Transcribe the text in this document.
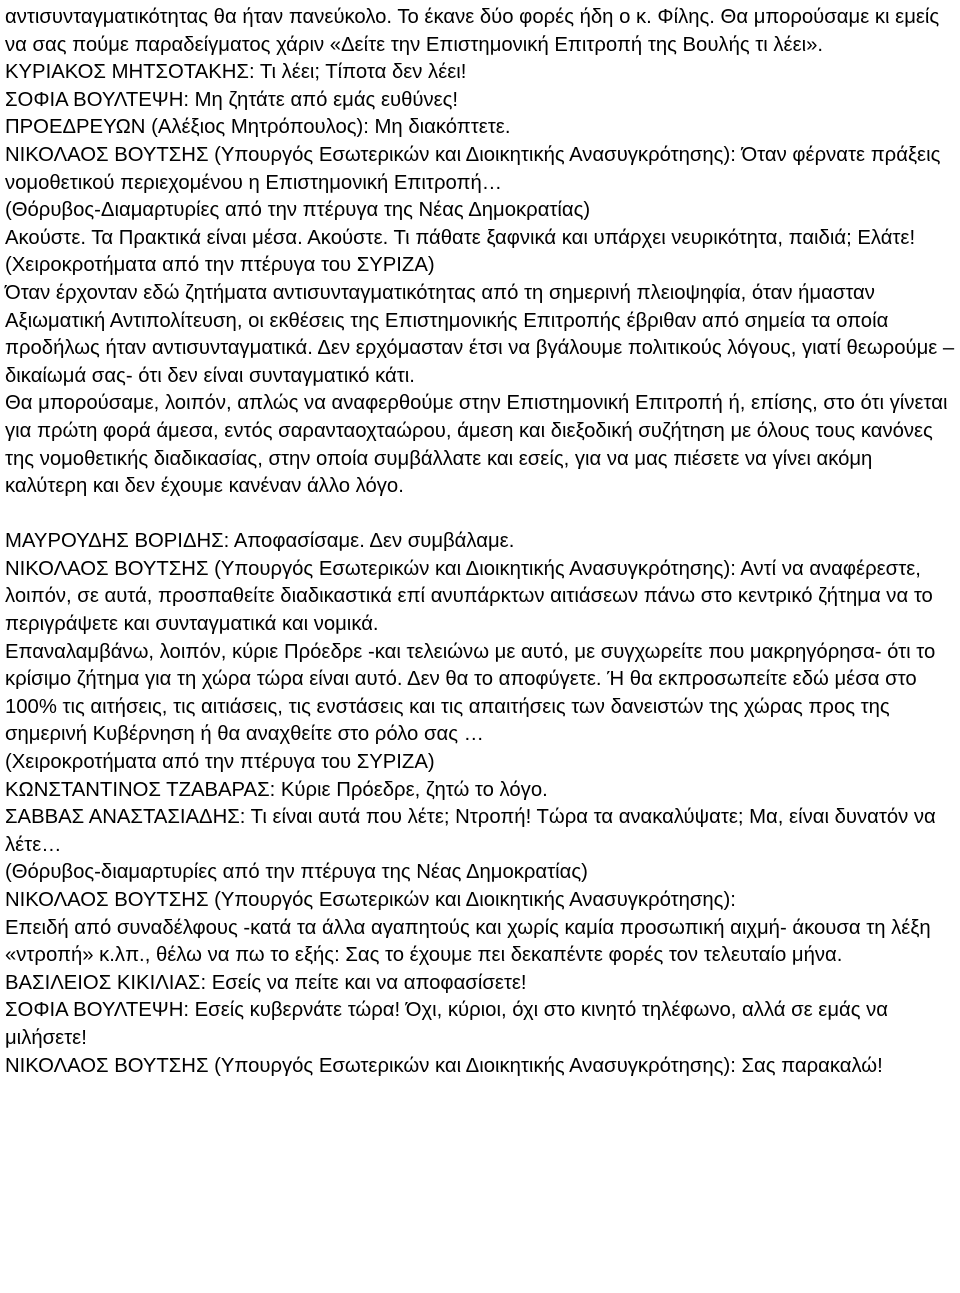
αντισυνταγματικότητας θα ήταν πανεύκολο. Το έκανε δύο φορές ήδη ο κ. Φίλης. Θα μπορούσαμε κι εμείς να σας πούμε παραδείγματος χάριν «Δείτε την Επιστημονική Επιτροπή της Βουλής τι λέει».

ΚΥΡΙΑΚΟΣ ΜΗΤΣΟΤΑΚΗΣ: Τι λέει; Τίποτα δεν λέει!

ΣΟΦΙΑ ΒΟΥΛΤΕΨΗ: Μη ζητάτε από εμάς ευθύνες!

ΠΡΟΕΔΡΕΥΩΝ (Αλέξιος Μητρόπουλος): Μη διακόπτετε.

ΝΙΚΟΛΑΟΣ ΒΟΥΤΣΗΣ (Υπουργός Εσωτερικών και Διοικητικής Ανασυγκρότησης): Όταν φέρνατε πράξεις νομοθετικού περιεχομένου η Επιστημονική Επιτροπή…

(Θόρυβος-Διαμαρτυρίες από την πτέρυγα της Νέας Δημοκρατίας)

Ακούστε. Τα Πρακτικά είναι μέσα. Ακούστε. Τι πάθατε ξαφνικά και υπάρχει νευρικότητα, παιδιά; Ελάτε!

(Χειροκροτήματα από την πτέρυγα του ΣΥΡΙΖΑ)

Όταν έρχονταν εδώ ζητήματα αντισυνταγματικότητας από τη σημερινή πλειοψηφία, όταν ήμασταν Αξιωματική Αντιπολίτευση, οι εκθέσεις της Επιστημονικής Επιτροπής έβριθαν από σημεία τα οποία προδήλως ήταν αντισυνταγματικά. Δεν ερχόμασταν έτσι να βγάλουμε πολιτικούς λόγους, γιατί θεωρούμε –δικαίωμά σας- ότι δεν είναι συνταγματικό κάτι.

Θα μπορούσαμε, λοιπόν, απλώς να αναφερθούμε στην Επιστημονική Επιτροπή ή, επίσης, στο ότι γίνεται για πρώτη φορά άμεσα, εντός σαρανταοχταώρου, άμεση και διεξοδική συζήτηση με όλους τους κανόνες της νομοθετικής διαδικασίας, στην οποία συμβάλλατε και εσείς, για να μας πιέσετε να γίνει ακόμη καλύτερη και δεν έχουμε κανέναν άλλο λόγο.

ΜΑΥΡΟΥΔΗΣ ΒΟΡΙΔΗΣ: Αποφασίσαμε. Δεν συμβάλαμε.

ΝΙΚΟΛΑΟΣ ΒΟΥΤΣΗΣ (Υπουργός Εσωτερικών και Διοικητικής Ανασυγκρότησης): Αντί να αναφέρεστε, λοιπόν, σε αυτά, προσπαθείτε διαδικαστικά επί ανυπάρκτων αιτιάσεων πάνω στο κεντρικό ζήτημα να το περιγράψετε και συνταγματικά και νομικά.

Επαναλαμβάνω, λοιπόν, κύριε Πρόεδρε -και τελειώνω με αυτό, με συγχωρείτε που μακρηγόρησα- ότι το κρίσιμο ζήτημα για τη χώρα τώρα είναι αυτό. Δεν θα το αποφύγετε. Ή θα εκπροσωπείτε εδώ μέσα στο 100% τις αιτήσεις, τις αιτιάσεις, τις ενστάσεις και τις απαιτήσεις των δανειστών της χώρας προς της σημερινή Κυβέρνηση ή θα αναχθείτε στο ρόλο σας …

(Χειροκροτήματα από την πτέρυγα του ΣΥΡΙΖΑ)

ΚΩΝΣΤΑΝΤΙΝΟΣ ΤΖΑΒΑΡΑΣ: Κύριε Πρόεδρε, ζητώ το λόγο.

ΣΑΒΒΑΣ ΑΝΑΣΤΑΣΙΑΔΗΣ: Τι είναι αυτά που λέτε; Ντροπή! Τώρα τα ανακαλύψατε; Μα, είναι δυνατόν να λέτε…

(Θόρυβος-διαμαρτυρίες από την πτέρυγα της Νέας Δημοκρατίας)

ΝΙΚΟΛΑΟΣ ΒΟΥΤΣΗΣ (Υπουργός Εσωτερικών και Διοικητικής Ανασυγκρότησης):

Επειδή από συναδέλφους -κατά τα άλλα αγαπητούς και χωρίς καμία προσωπική αιχμή- άκουσα τη λέξη «ντροπή» κ.λπ., θέλω να πω το εξής: Σας το έχουμε πει δεκαπέντε φορές τον τελευταίο μήνα.

ΒΑΣΙΛΕΙΟΣ ΚΙΚΙΛΙΑΣ: Εσείς να πείτε και να αποφασίσετε!

ΣΟΦΙΑ ΒΟΥΛΤΕΨΗ: Εσείς κυβερνάτε τώρα! Όχι, κύριοι, όχι στο κινητό τηλέφωνο, αλλά σε εμάς να μιλήσετε!

ΝΙΚΟΛΑΟΣ ΒΟΥΤΣΗΣ (Υπουργός Εσωτερικών και Διοικητικής Ανασυγκρότησης): Σας παρακαλώ!
